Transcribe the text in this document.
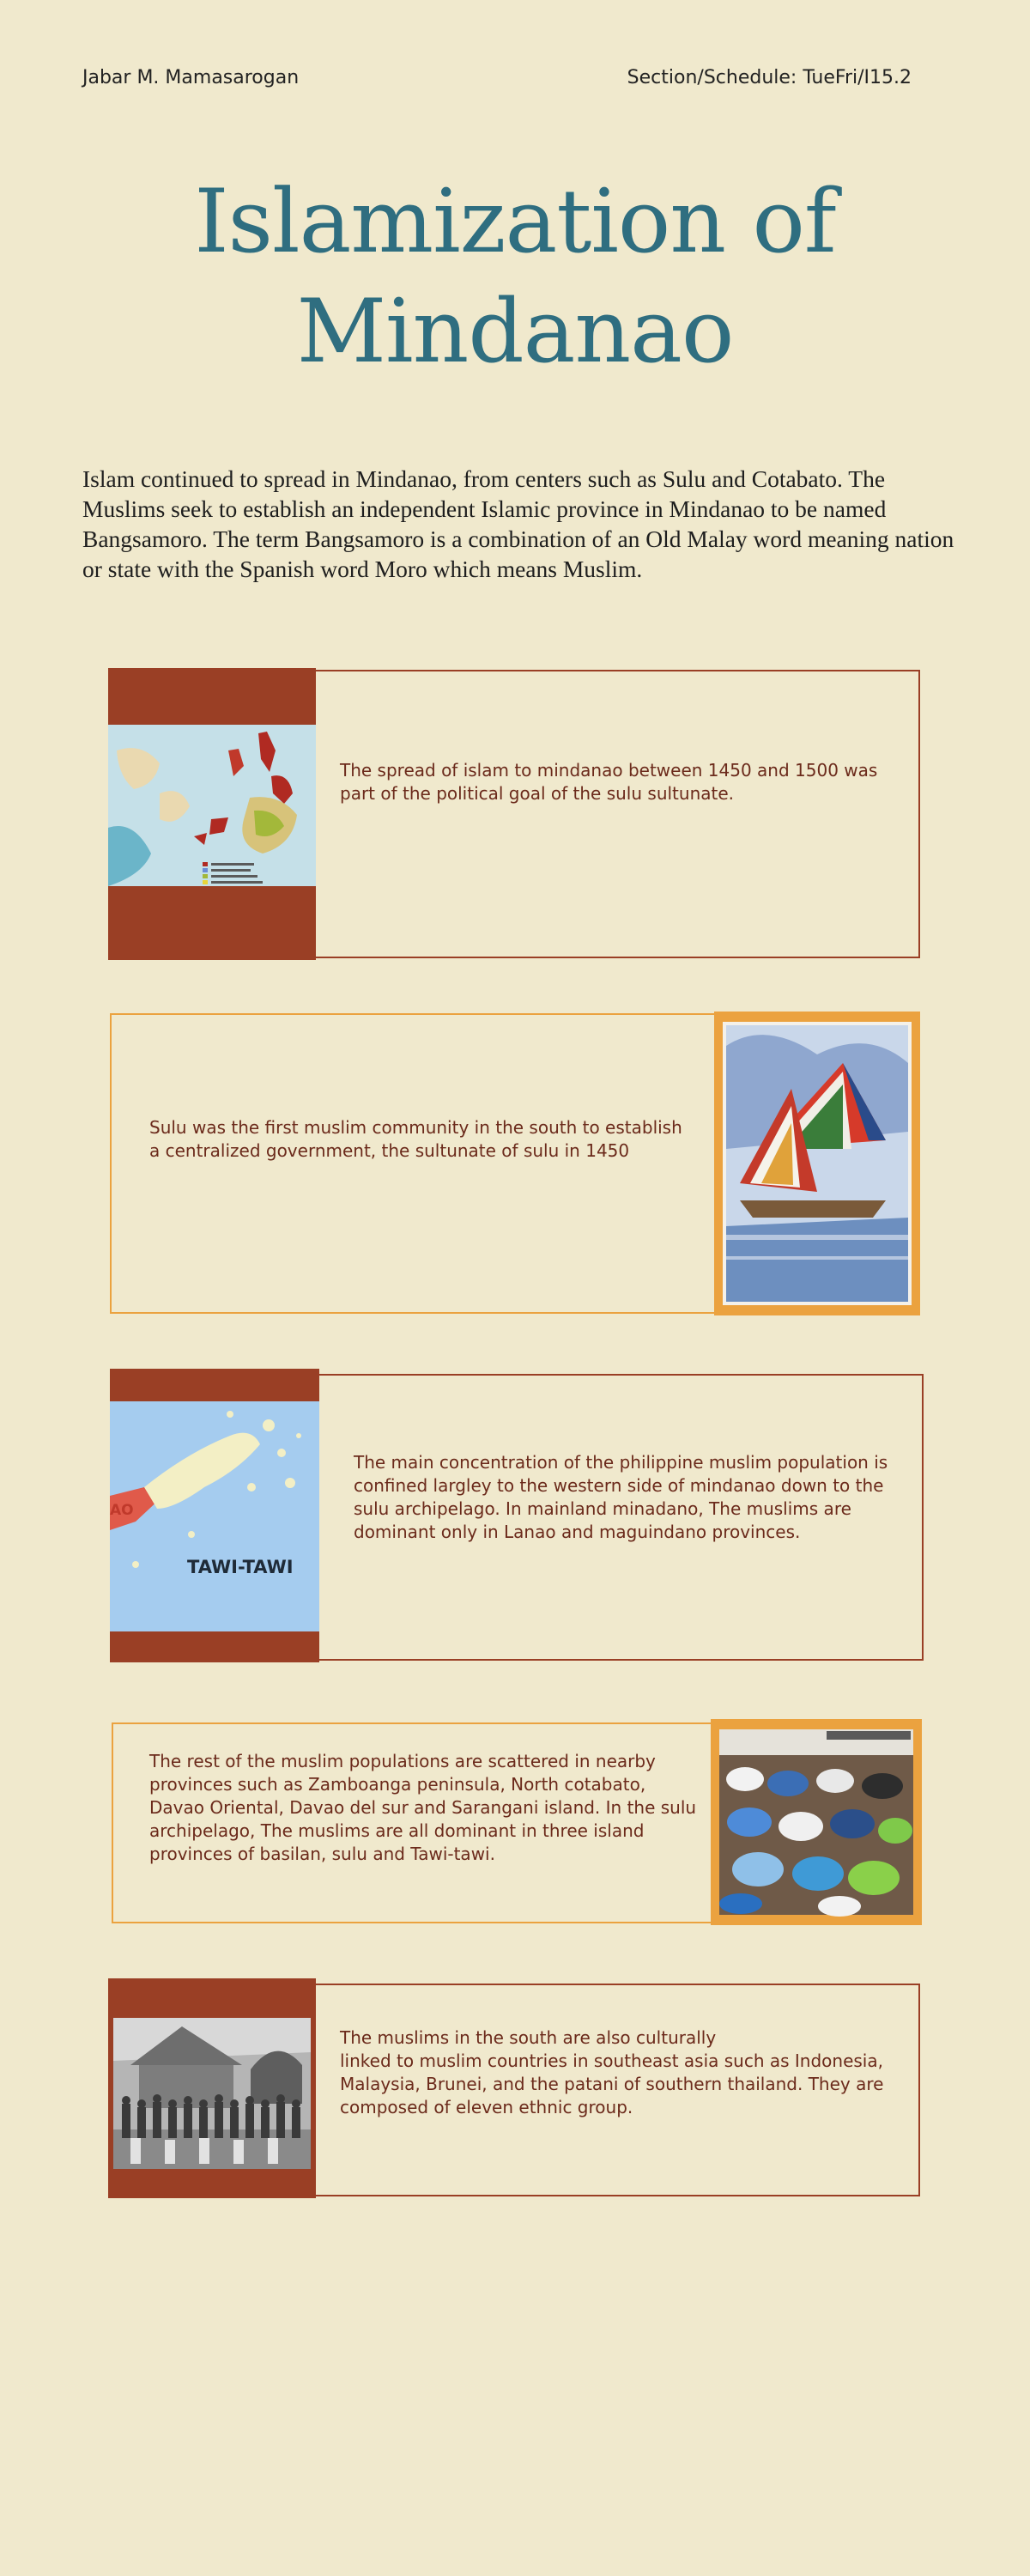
Jabar M. Mamasarogan	Section/Schedule: TueFri/I15.2
Islamization of
Mindanao
Islam continued to spread in Mindanao, from centers such as Sulu and Cotabato. The Muslims seek to establish an independent Islamic province in Mindanao to be named Bangsamoro. The term Bangsamoro is a combination of an Old Malay word meaning nation or state with the Spanish word Moro which means Muslim.
The spread of islam to mindanao between 1450 and 1500 was part of the political goal of the sulu sultunate.
Sulu was the first muslim community in the south to establish a centralized government, the sultunate of sulu in 1450
AO
TAWI-TAWI
The main concentration of the philippine muslim population is confined largley to the western side of mindanao down to the sulu archipelago. In mainland minadano, The muslims are dominant only in Lanao and maguindano provinces.
The rest of the muslim populations are scattered in nearby provinces such as Zamboanga peninsula, North cotabato, Davao Oriental, Davao del sur and Sarangani island. In the sulu archipelago, The muslims are all dominant in three island provinces of basilan, sulu and Tawi-tawi.
The muslims in the south are also culturally
linked to muslim countries in southeast asia such as Indonesia, Malaysia, Brunei, and the patani of southern thailand. They are composed of eleven ethnic group.
